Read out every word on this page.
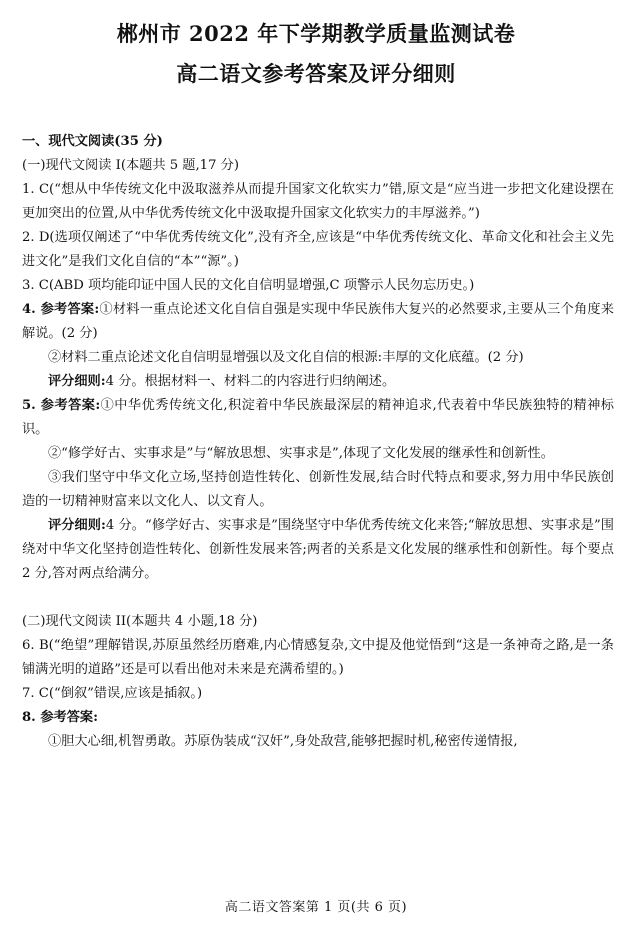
郴州市 2022 年下学期教学质量监测试卷
高二语文参考答案及评分细则

一、现代文阅读(35 分)

(一)现代文阅读 I(本题共 5 题,17 分)

1. C(“想从中华传统文化中汲取滋养从而提升国家文化软实力”错,原文是“应当进一步把文化建设摆在更加突出的位置,从中华优秀传统文化中汲取提升国家文化软实力的丰厚滋养。”)

2. D(选项仅阐述了“中华优秀传统文化”,没有齐全,应该是“中华优秀传统文化、革命文化和社会主义先进文化”是我们文化自信的“本”“源”。)

3. C(ABD 项均能印证中国人民的文化自信明显增强,C 项警示人民勿忘历史。)

4. 参考答案:①材料一重点论述文化自信自强是实现中华民族伟大复兴的必然要求,主要从三个角度来解说。(2 分)

②材料二重点论述文化自信明显增强以及文化自信的根源:丰厚的文化底蕴。(2 分)

评分细则:4 分。根据材料一、材料二的内容进行归纳阐述。

5. 参考答案:①中华优秀传统文化,积淀着中华民族最深层的精神追求,代表着中华民族独特的精神标识。

②“修学好古、实事求是”与“解放思想、实事求是”,体现了文化发展的继承性和创新性。

③我们坚守中华文化立场,坚持创造性转化、创新性发展,结合时代特点和要求,努力用中华民族创造的一切精神财富来以文化人、以文育人。

评分细则:4 分。“修学好古、实事求是”围绕坚守中华优秀传统文化来答;“解放思想、实事求是”围绕对中华文化坚持创造性转化、创新性发展来答;两者的关系是文化发展的继承性和创新性。每个要点 2 分,答对两点给满分。

(二)现代文阅读 II(本题共 4 小题,18 分)

6. B(“绝望”理解错误,苏原虽然经历磨难,内心情感复杂,文中提及他觉悟到“这是一条神奇之路,是一条铺满光明的道路”还是可以看出他对未来是充满希望的。)

7. C(“倒叙”错误,应该是插叙。)

8. 参考答案:

①胆大心细,机智勇敢。苏原伪装成“汉奸”,身处敌营,能够把握时机,秘密传递情报,

高二语文答案第 1 页(共 6 页)
